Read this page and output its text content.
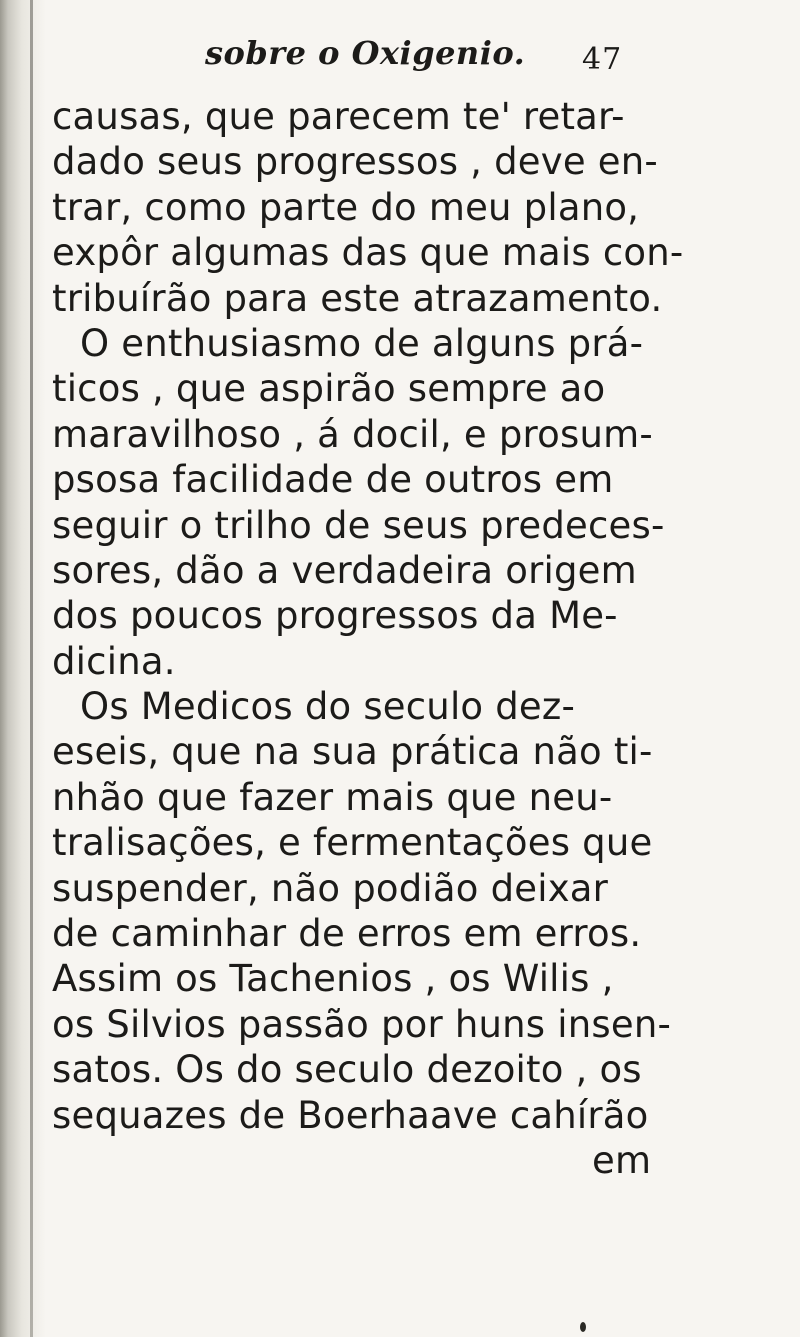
sobre o Oxigenio. 47
causas, que parecem te' retar-
dado seus progressos , deve en-
trar, como parte do meu plano,
expôr algumas das que mais con-
tribuírão para este atrazamento.
O enthusiasmo de alguns prá-
ticos , que aspirão sempre ao
maravilhoso , á docil, e prosum-
psosa facilidade de outros em
seguir o trilho de seus predeces-
sores, dão a verdadeira origem
dos poucos progressos da Me-
dicina.
Os Medicos do seculo dez-
eseis, que na sua prática não ti-
nhão que fazer mais que neu-
tralisações, e fermentações que
suspender, não podião deixar
de caminhar de erros em erros.
Assim os Tachenios , os Wilis ,
os Silvios passão por huns insen-
satos. Os do seculo dezoito , os
sequazes de Boerhaave cahírão
em
